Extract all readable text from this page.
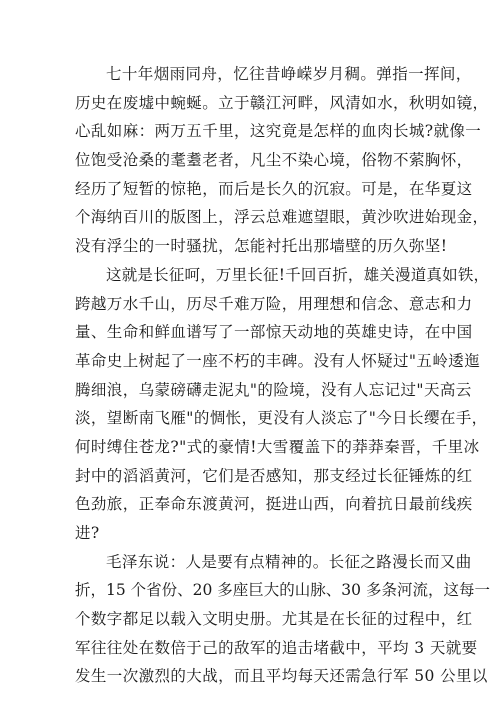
七十年烟雨同舟，忆往昔峥嵘岁月稠。弹指一挥间，
历史在废墟中蜿蜒。立于赣江河畔，风清如水，秋明如镜，
心乱如麻：两万五千里，这究竟是怎样的血肉长城?就像一
位饱受沧桑的耄耋老者，凡尘不染心境，俗物不萦胸怀，
经历了短暂的惊艳，而后是长久的沉寂。可是，在华夏这
个海纳百川的版图上，浮云总难遮望眼，黄沙吹进始现金，
没有浮尘的一时骚扰，怎能衬托出那墙壁的历久弥坚!
这就是长征呵，万里长征!千回百折，雄关漫道真如铁，
跨越万水千山，历尽千难万险，用理想和信念、意志和力
量、生命和鲜血谱写了一部惊天动地的英雄史诗，在中国
革命史上树起了一座不朽的丰碑。没有人怀疑过"五岭逶迤
腾细浪，乌蒙磅礴走泥丸"的险境，没有人忘记过"天高云
淡，望断南飞雁"的惆怅，更没有人淡忘了"今日长缨在手，
何时缚住苍龙?"式的豪情!大雪覆盖下的莽莽秦晋，千里冰
封中的滔滔黄河，它们是否感知，那支经过长征锤炼的红
色劲旅，正奉命东渡黄河，挺进山西，向着抗日最前线疾
进?
毛泽东说：人是要有点精神的。长征之路漫长而又曲
折，15 个省份、20 多座巨大的山脉、30 多条河流，这每一
个数字都足以载入文明史册。尤其是在长征的过程中，红
军往往处在数倍于己的敌军的追击堵截中，平均 3 天就要
发生一次激烈的大战，而且平均每天还需急行军 50 公里以
